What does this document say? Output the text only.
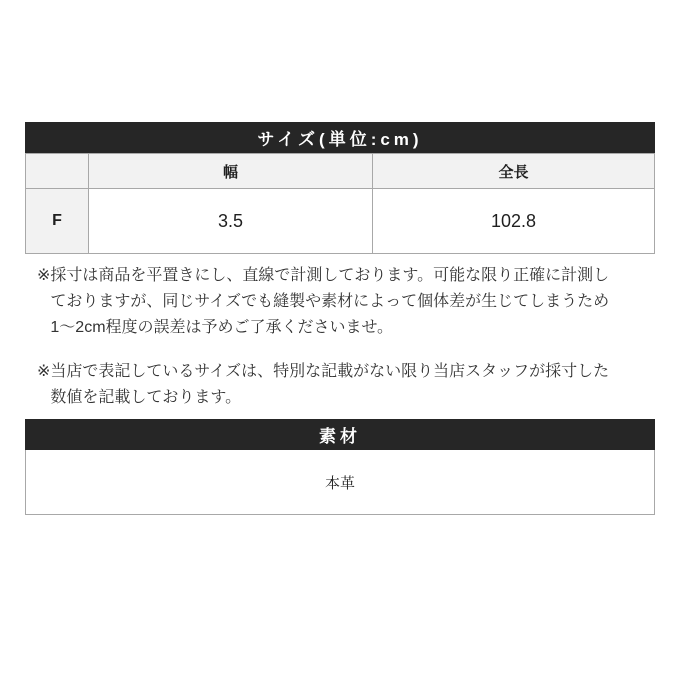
サイズ(単位:cm)
	幅	全長
F	3.5	102.8
※ 採寸は商品を平置きにし、直線で計測しております。可能な限り正確に計測し
ておりますが、同じサイズでも縫製や素材によって個体差が生じてしまうため
1〜2cm程度の誤差は予めご了承くださいませ。
※ 当店で表記しているサイズは、特別な記載がない限り当店スタッフが採寸した
数値を記載しております。
素材
本革
